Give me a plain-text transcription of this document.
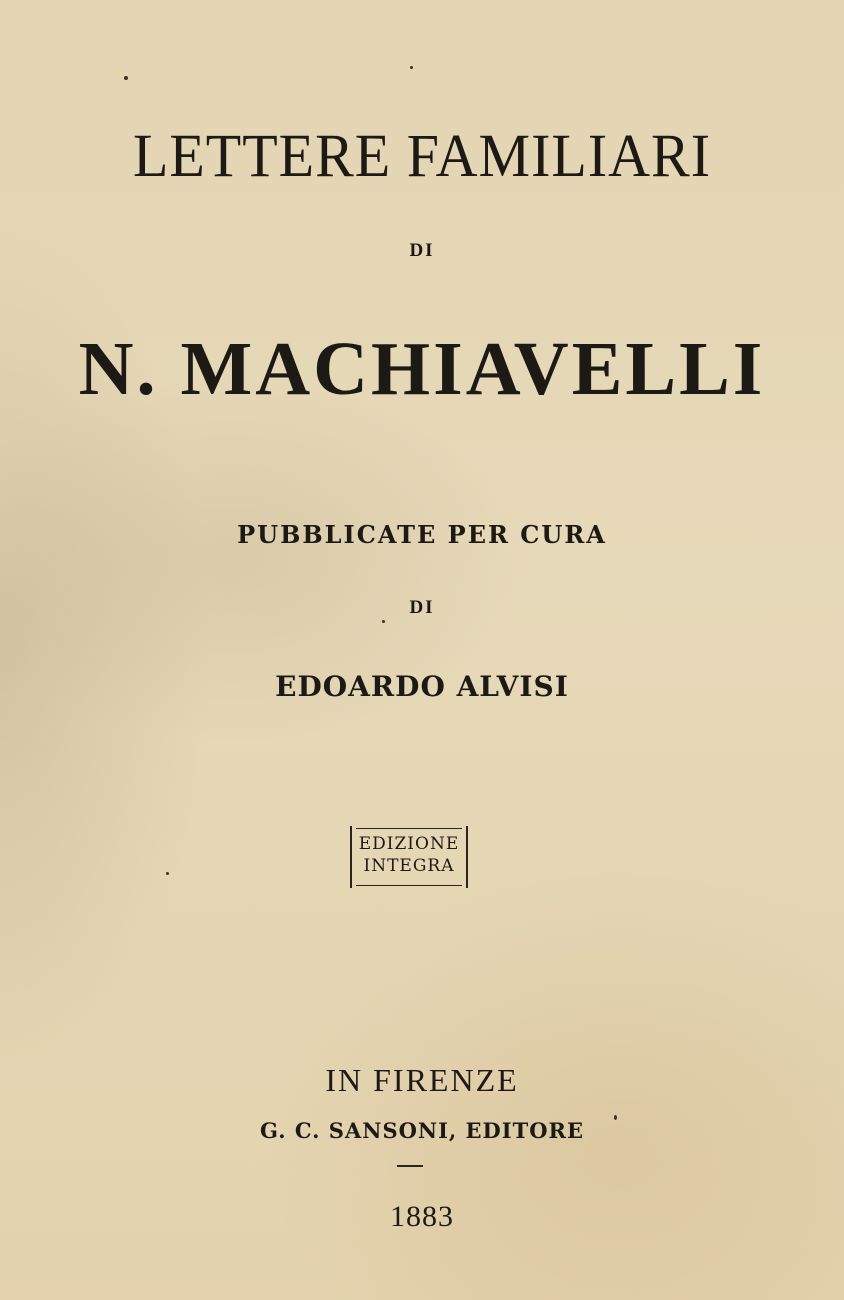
LETTERE FAMILIARI
DI
N. MACHIAVELLI
PUBBLICATE PER CURA
DI
EDOARDO ALVISI
EDIZIONE
INTEGRA
IN FIRENZE
G. C. SANSONI, EDITORE
1883
